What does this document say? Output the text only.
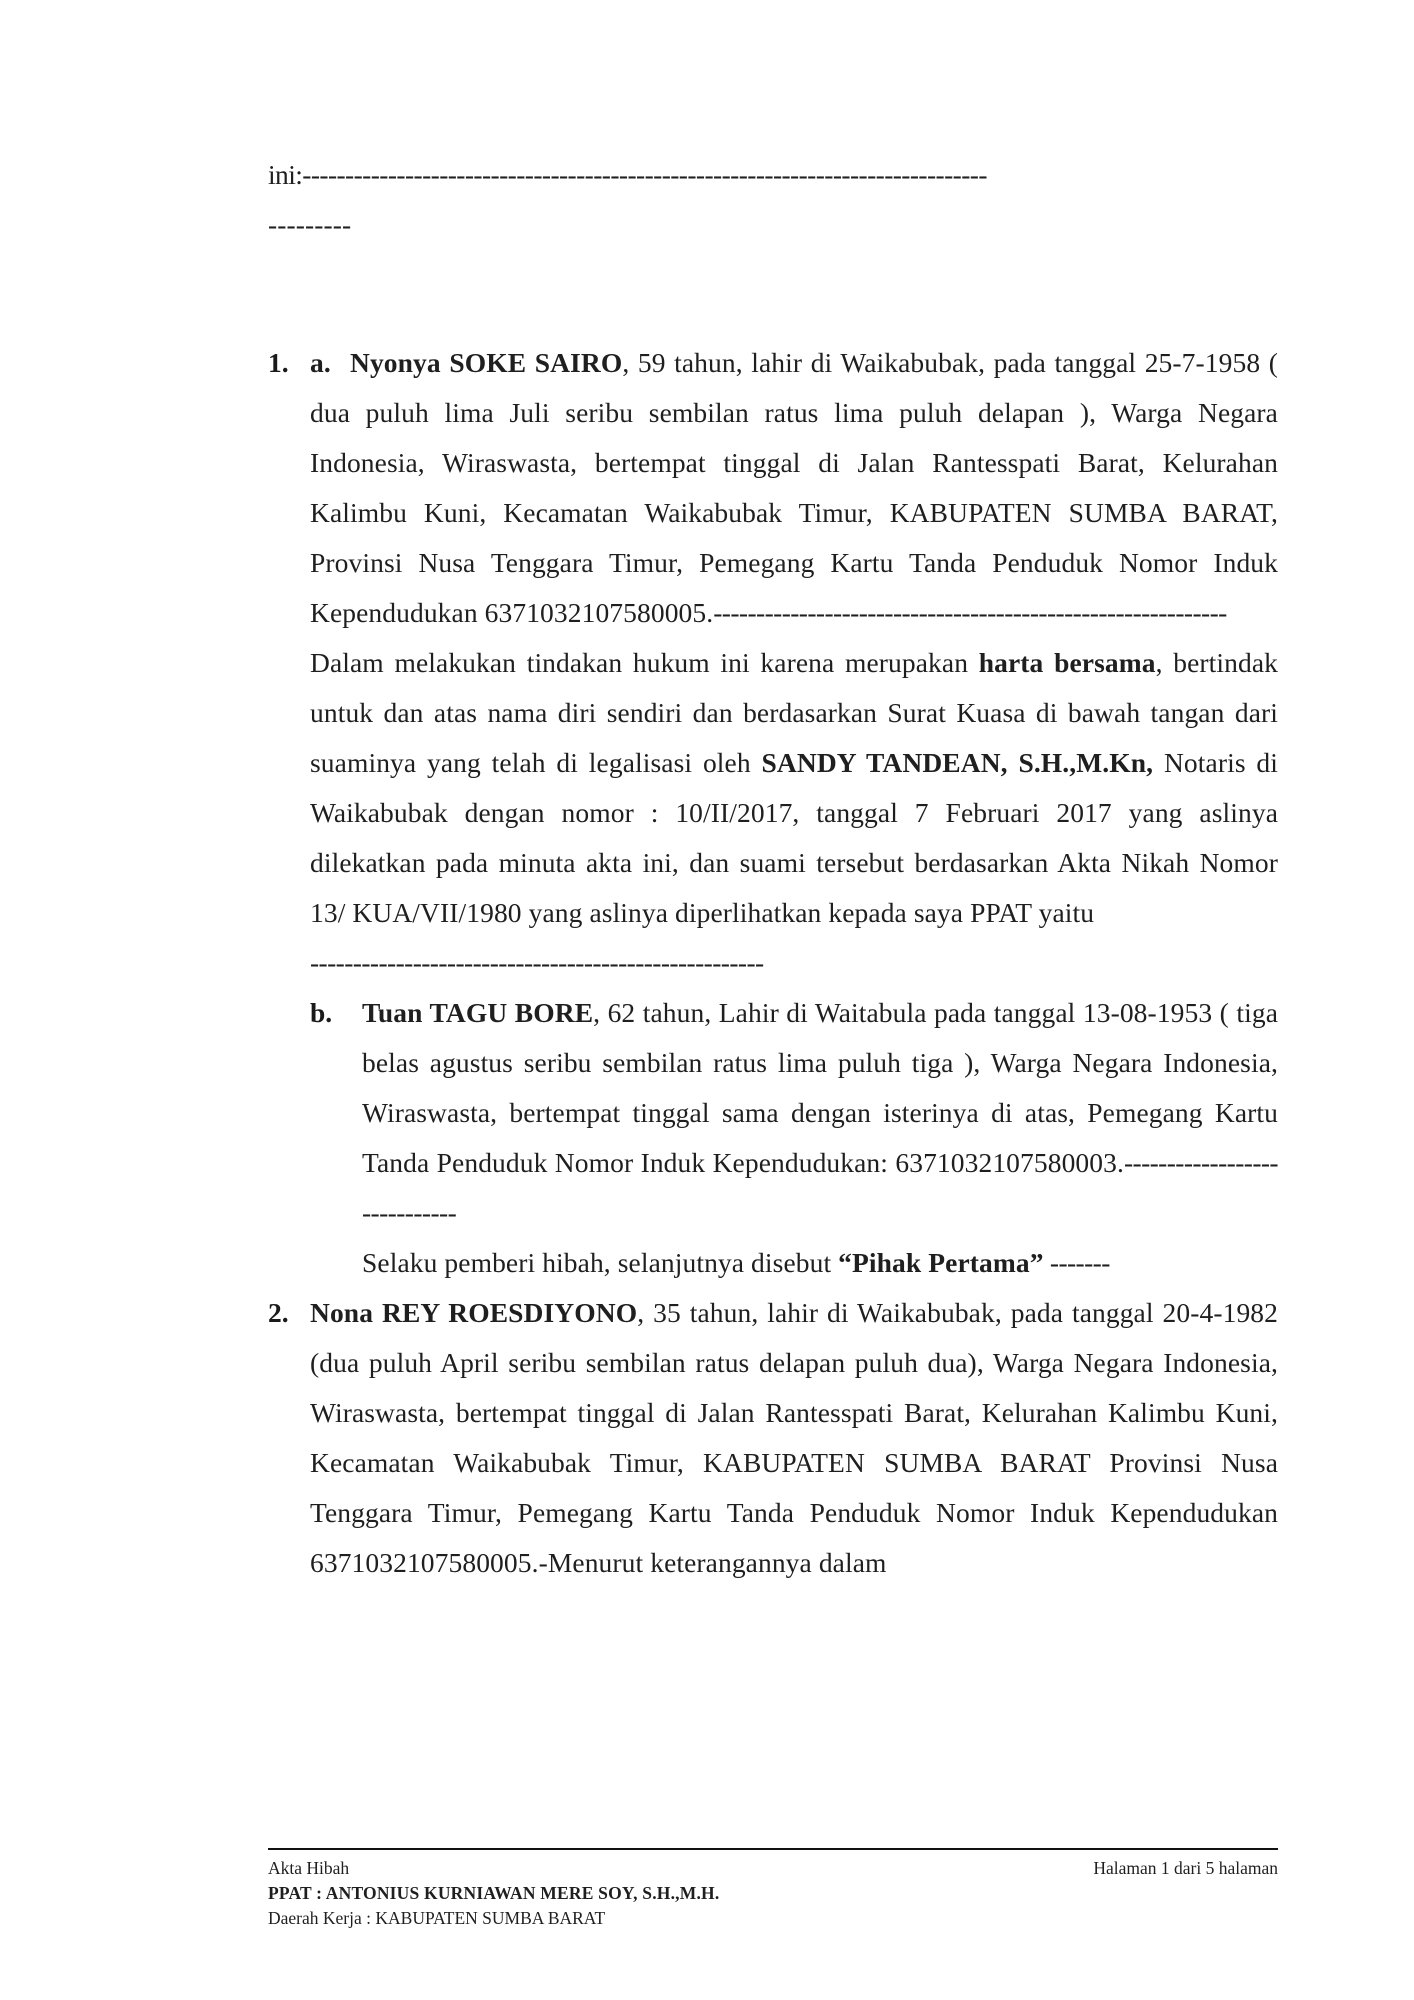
ini:--------------------------------------------------------------------------------

---------

1. a. Nyonya SOKE SAIRO, 59 tahun, lahir di Waikabubak, pada tanggal 25-7-1958 ( dua puluh lima Juli seribu sembilan ratus lima puluh delapan ), Warga Negara Indonesia, Wiraswasta, bertempat tinggal di Jalan Rantesspati Barat, Kelurahan Kalimbu Kuni, Kecamatan Waikabubak Timur, KABUPATEN SUMBA BARAT, Provinsi Nusa Tenggara Timur, Pemegang Kartu Tanda Penduduk Nomor Induk Kependudukan 6371032107580005.------------------------------------------------------------

Dalam melakukan tindakan hukum ini karena merupakan harta bersama, bertindak untuk dan atas nama diri sendiri dan berdasarkan Surat Kuasa di bawah tangan dari suaminya yang telah di legalisasi oleh SANDY TANDEAN, S.H.,M.Kn, Notaris di Waikabubak dengan nomor : 10/II/2017, tanggal 7 Februari 2017 yang aslinya dilekatkan pada minuta akta ini, dan suami tersebut berdasarkan Akta Nikah Nomor 13/ KUA/VII/1980 yang aslinya diperlihatkan kepada saya PPAT yaitu

-----------------------------------------------------

b. Tuan TAGU BORE, 62 tahun, Lahir di Waitabula pada tanggal 13-08-1953 ( tiga belas agustus seribu sembilan ratus lima puluh tiga ), Warga Negara Indonesia, Wiraswasta, bertempat tinggal sama dengan isterinya di atas, Pemegang Kartu Tanda Penduduk Nomor Induk Kependudukan: 6371032107580003.-----------------------------

Selaku pemberi hibah, selanjutnya disebut “Pihak Pertama” -------

2. Nona REY ROESDIYONO, 35 tahun, lahir di Waikabubak, pada tanggal 20-4-1982 (dua puluh April seribu sembilan ratus delapan puluh dua), Warga Negara Indonesia, Wiraswasta, bertempat tinggal di Jalan Rantesspati Barat, Kelurahan Kalimbu Kuni, Kecamatan Waikabubak Timur, KABUPATEN SUMBA BARAT Provinsi Nusa Tenggara Timur, Pemegang Kartu Tanda Penduduk Nomor Induk Kependudukan 6371032107580005.-Menurut keterangannya dalam

Akta Hibah
PPAT : ANTONIUS KURNIAWAN MERE SOY, S.H.,M.H.
Daerah Kerja : KABUPATEN SUMBA BARAT
Halaman 1 dari 5 halaman
